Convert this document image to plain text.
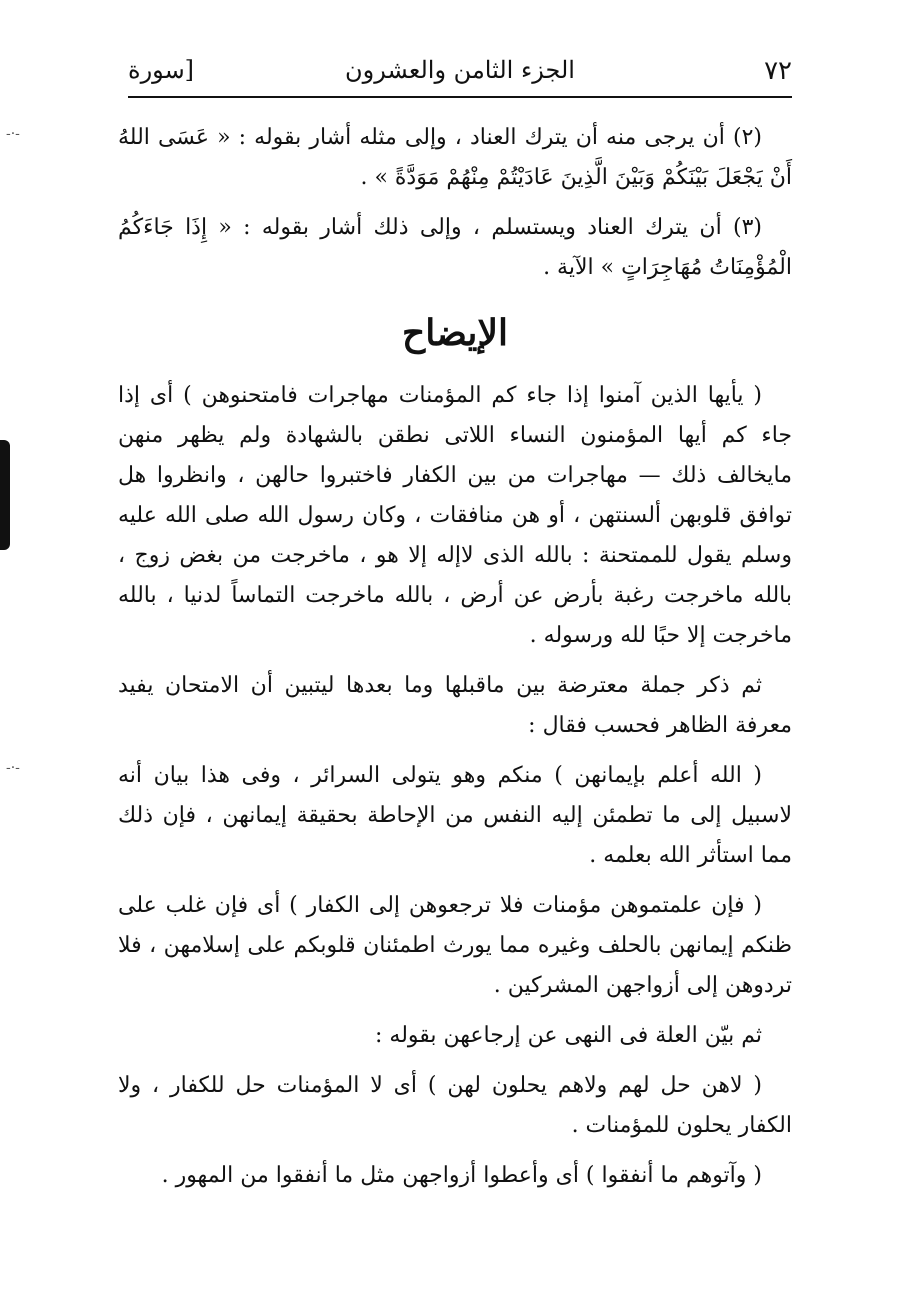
-·-
-·-
٧٢
الجزء الثامن والعشرون
[سورة

(٢) أن يرجى منه أن يترك العناد ، وإلى مثله أشار بقوله : « عَسَى اللهُ أَنْ يَجْعَلَ بَيْنَكُمْ وَبَيْنَ الَّذِينَ عَادَيْتُمْ مِنْهُمْ مَوَدَّةً » .

(٣) أن يترك العناد ويستسلم ، وإلى ذلك أشار بقوله : « إِذَا جَاءَكُمُ الْمُؤْمِنَاتُ مُهَاجِرَاتٍ » الآية .

الإيضاح

( يأيها الذين آمنوا إذا جاء كم المؤمنات مهاجرات فامتحنوهن ) أى إذا جاء كم أيها المؤمنون النساء اللاتى نطقن بالشهادة ولم يظهر منهن مايخالف ذلك — مهاجرات من بين الكفار فاختبروا حالهن ، وانظروا هل توافق قلوبهن ألسنتهن ، أو هن منافقات ، وكان رسول الله صلى الله عليه وسلم يقول للممتحنة : بالله الذى لاإله إلا هو ، ماخرجت من بغض زوج ، بالله ماخرجت رغبة بأرض عن أرض ، بالله ماخرجت التماساً لدنيا ، بالله ماخرجت إلا حبًا لله ورسوله .

ثم ذكر جملة معترضة بين ماقبلها وما بعدها ليتبين أن الامتحان يفيد معرفة الظاهر فحسب فقال :

( الله أعلم بإيمانهن ) منكم وهو يتولى السرائر ، وفى هذا بيان أنه لاسبيل إلى ما تطمئن إليه النفس من الإحاطة بحقيقة إيمانهن ، فإن ذلك مما استأثر الله بعلمه .

( فإن علمتموهن مؤمنات فلا ترجعوهن إلى الكفار ) أى فإن غلب على ظنكم إيمانهن بالحلف وغيره مما يورث اطمئنان قلوبكم على إسلامهن ، فلا تردوهن إلى أزواجهن المشركين .

ثم بيّن العلة فى النهى عن إرجاعهن بقوله :

( لاهن حل لهم ولاهم يحلون لهن ) أى لا المؤمنات حل للكفار ، ولا الكفار يحلون للمؤمنات .

( وآتوهم ما أنفقوا ) أى وأعطوا أزواجهن مثل ما أنفقوا من المهور .
